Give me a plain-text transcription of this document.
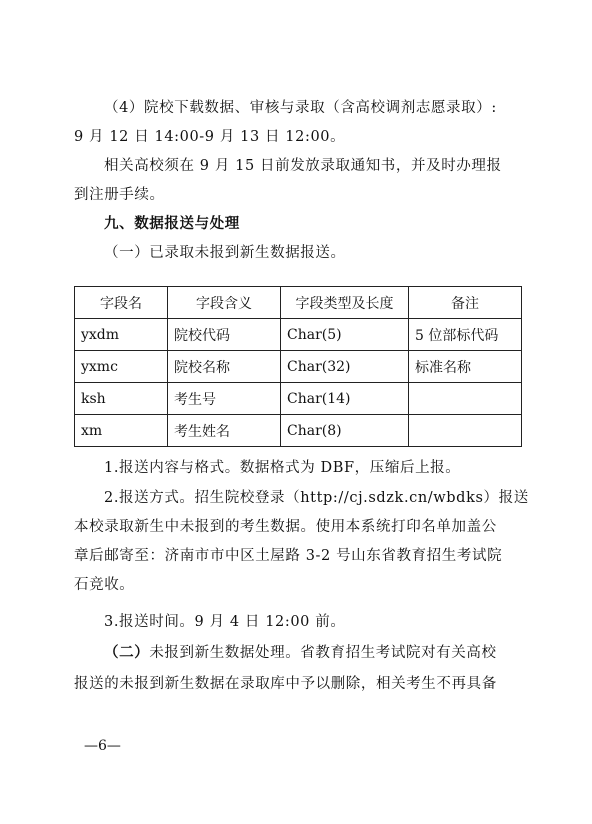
（4）院校下载数据、审核与录取（含高校调剂志愿录取）:
9 月 12 日 14:00-9 月 13 日 12:00。
相关高校须在 9 月 15 日前发放录取通知书，并及时办理报
到注册手续。
九、数据报送与处理
（一）已录取未报到新生数据报送。
字段名	字段含义	字段类型及长度	备注
yxdm	院校代码	Char(5)	5 位部标代码
yxmc	院校名称	Char(32)	标准名称
ksh	考生号	Char(14)	
xm	考生姓名	Char(8)	
1.报送内容与格式。数据格式为 DBF，压缩后上报。
2.报送方式。招生院校登录（http://cj.sdzk.cn/wbdks）报送
本校录取新生中未报到的考生数据。使用本系统打印名单加盖公
章后邮寄至：济南市市中区土屋路 3-2 号山东省教育招生考试院
石竞收。
3.报送时间。9 月 4 日 12:00 前。
（二）未报到新生数据处理。省教育招生考试院对有关高校
报送的未报到新生数据在录取库中予以删除，相关考生不再具备
—6—
